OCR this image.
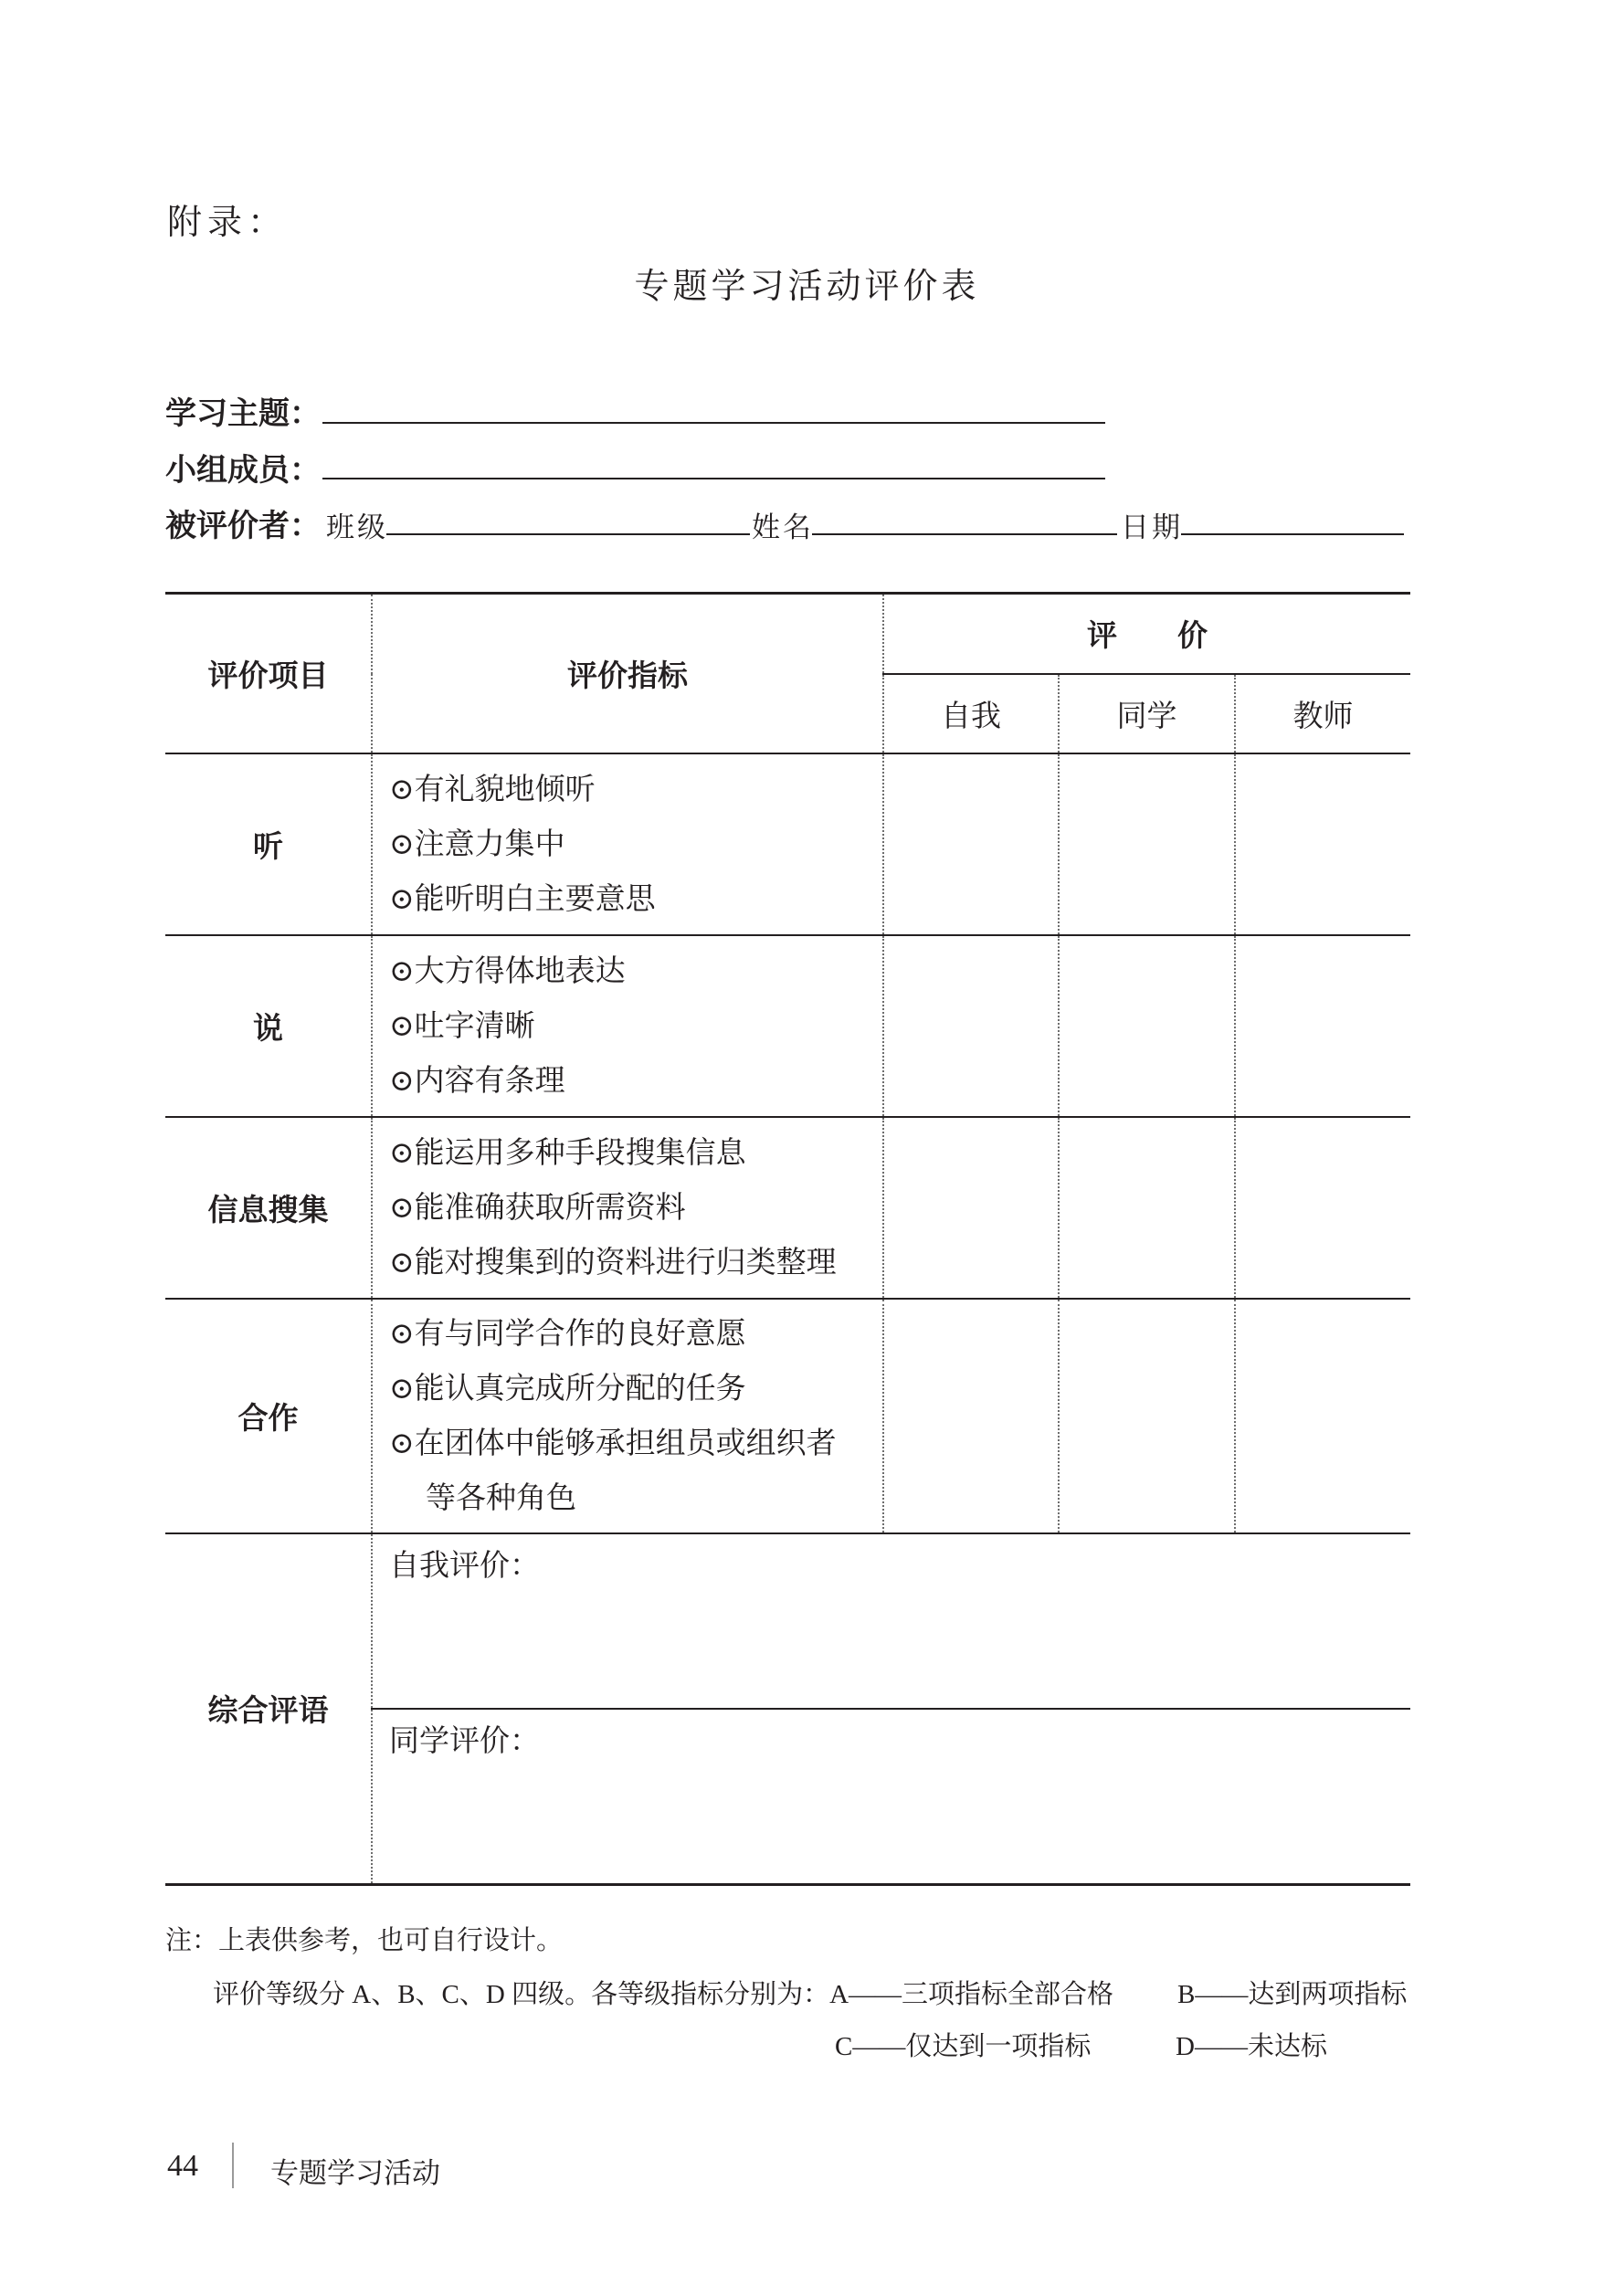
附录：
专题学习活动评价表
学习主题：
小组成员：
被评价者： 班级	姓名	日期
评价项目	评价指标	评　　价		
		自我	同学	教师
听	⊙有礼貌地倾听
⊙注意力集中
⊙能听明白主要意思			

说	⊙大方得体地表达
⊙吐字清晰
⊙内容有条理			

信息搜集	⊙能运用多种手段搜集信息
⊙能准确获取所需资料
⊙能对搜集到的资料进行归类整理			

合作	⊙有与同学合作的良好意愿
⊙能认真完成所分配的任务
⊙在团体中能够承担组员或组织者
等各种角色			

综合评语	自我评价：			

	同学评价：			
注：上表供参考，也可自行设计。
评价等级分 A、B、C、D 四级。各等级指标分别为：A——三项指标全部合格 B——达到两项指标
C——仅达到一项指标	D——未达标
44	专题学习活动
